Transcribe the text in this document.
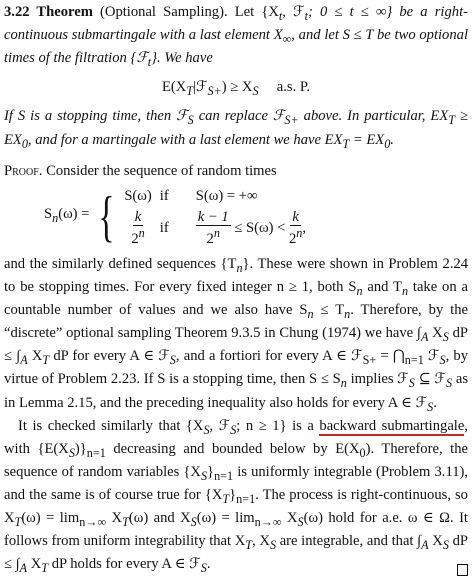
3.22 Theorem (Optional Sampling). Let {$X_t$, ℱ$_t$; 0 ≤ t ≤ ∞} be a right- continuous submartingale with a last element $X_\infty$, and let S ≤ T be two optional times of the filtration {ℱ$_t$}. We have

$E(X_T|ℱ_{S+}) \ge X_S$ a.s. P.

If S is a stopping time, then ℱ$_S$ can replace ℱ$_{S+}$ above. In particular, $EX_T \ge EX_0$, and for a martingale with a last element we have $EX_T = EX_0$.

Proof. Consider the sequence of random times

$S_n(\omega)$ = { S(ω) if	S(ω) = +∞
$\frac{k}{2^n}$ if	$\frac{k - 1}{2^n} \le S(\omega) < \frac{k}{2^n}$ ,

and the similarly defined sequences $\{T_n\}$. These were shown in Problem 2.24 to be stopping times. For every fixed integer n ≥ 1, both $S_n$ and $T_n$ take on a countable number of values and we also have $S_n \le T_n$. Therefore, by the “discrete” optional sampling Theorem 9.3.5 in Chung (1974) we have $\int_A$ $X_S$ dP ≤ $\int_A$ $X_T$ dP for every A ∈ ℱ$_S$, and a fortiori for every A ∈ ℱ$_{S+}$ = $⋂_{n=1}$ ℱ$_S$, by virtue of Problem 2.23. If S is a stopping time, then $S \le S_n$ implies ℱ$_S$ ⊆ ℱ$_S$ as in Lemma 2.15, and the preceding inequality also holds for every A ∈ ℱ$_S$.

It is checked similarly that {$X_S$, ℱ$_S$; n ≥ 1} is a backward submartingale, with $\{E(X_S)\}_{n=1}$ decreasing and bounded below by $E(X_0)$. Therefore, the sequence of random variables $\{X_S\}_{n=1}$ is uniformly integrable (Problem 3.11), and the same is of course true for $\{X_T\}_{n=1}$. The process is right-continuous, so $X_T(\omega) = \lim_{n\to\infty} X_T(\omega)$ and $X_S(\omega) = \lim_{n\to\infty} X_S(\omega)$ hold for a.e. ω ∈ Ω. It follows from uniform integrability that $X_T$, $X_S$ are integrable, and that $\int_A$ $X_S$ dP ≤ $\int_A$ $X_T$ dP holds for every A ∈ ℱ$_S$.
